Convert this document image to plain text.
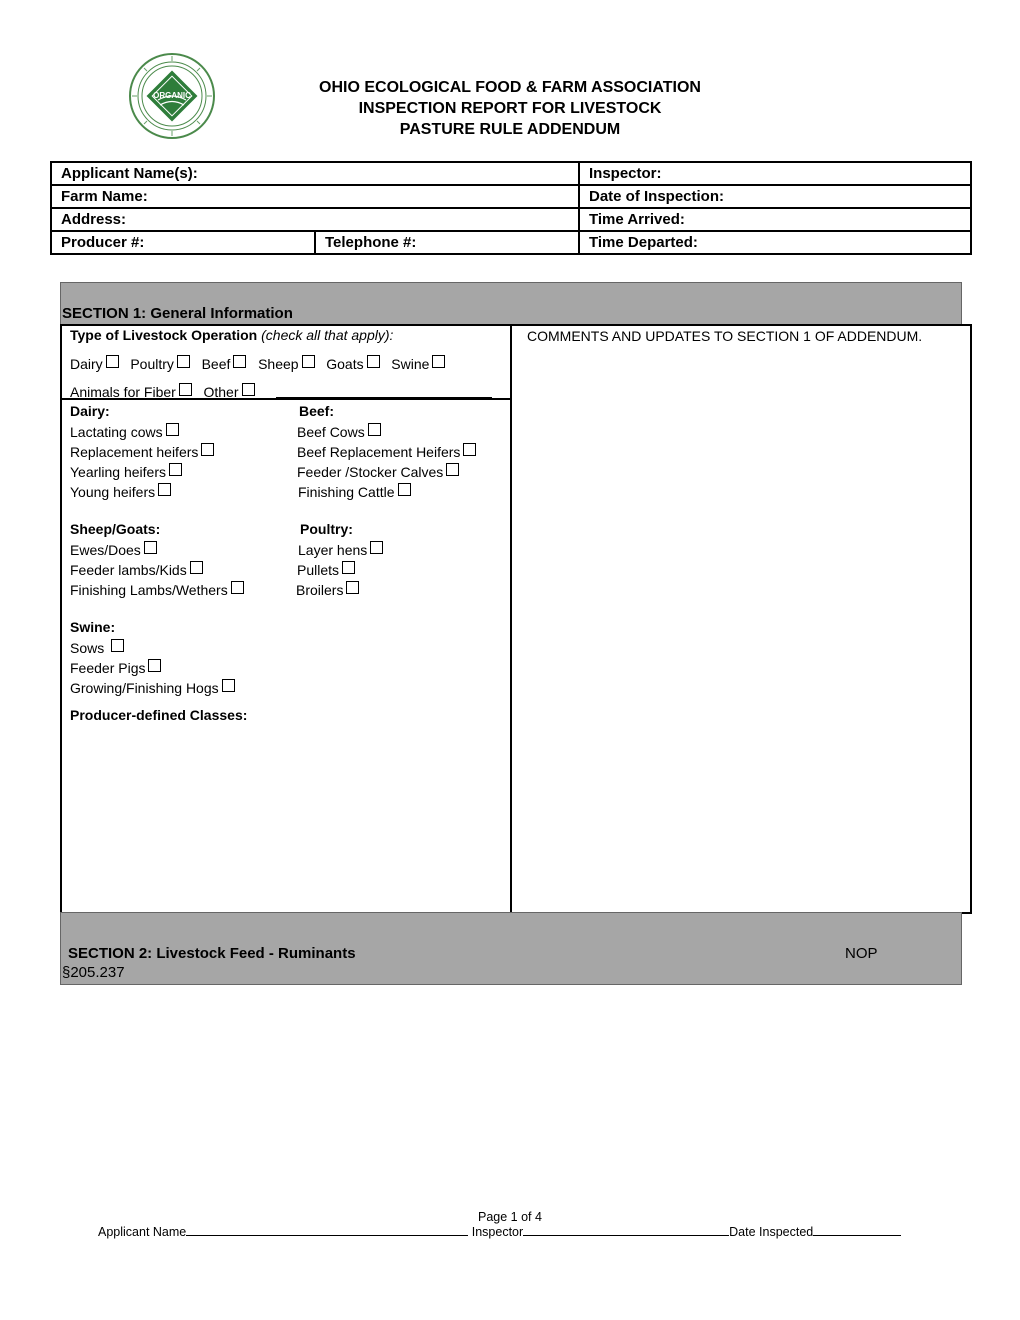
ORGANIC	OHIO ECOLOGICAL FOOD & FARM ASSOCIATION
INSPECTION REPORT FOR LIVESTOCK
PASTURE RULE ADDENDUM
Applicant Name(s):		Inspector:
Farm Name:		Date of Inspection:
Address:		Time Arrived:
Producer #:	Telephone #:	Time Departed:
SECTION 1: General Information
Type of Livestock Operation (check all that apply):	COMMENTS AND UPDATES TO SECTION 1 OF ADDENDUM.
Dairy Poultry Beef Sheep Goats Swine
Animals for Fiber Other
Dairy:
Lactating cows
Replacement heifers
Yearling heifers
Young heifers
Beef:
Beef Cows
Beef Replacement Heifers
Feeder /Stocker Calves
Finishing Cattle
Sheep/Goats:
Ewes/Does
Feeder lambs/Kids
Finishing Lambs/Wethers
Poultry:
Layer hens
Pullets
Broilers
Swine:
Sows
Feeder Pigs
Growing/Finishing Hogs
Producer-defined Classes:
SECTION 2: Livestock Feed - Ruminants	NOP
§205.237
Page 1 of 4
Applicant Name	Inspector	Date Inspected
